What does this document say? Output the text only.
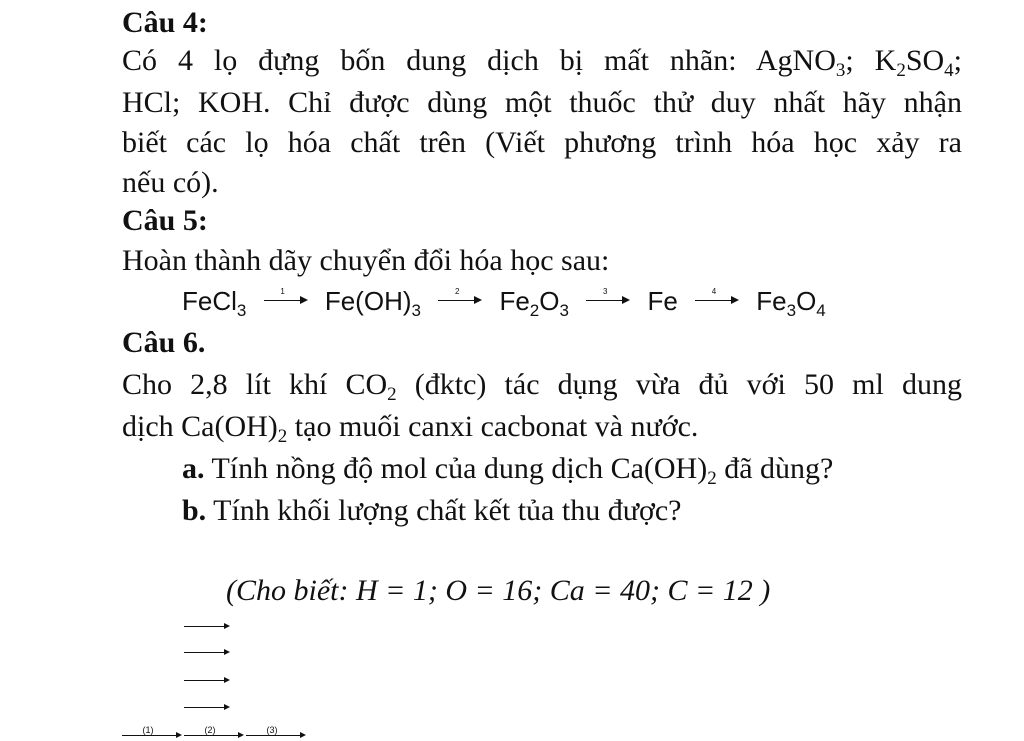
Câu 4:
Có 4 lọ đựng bốn dung dịch bị mất nhãn: AgNO$_3$; $K_2SO_4$;
HCl; KOH. Chỉ được dùng một thuốc thử duy nhất hãy nhận
biết các lọ hóa chất trên (Viết phương trình hóa học xảy ra
nếu có).
Câu 5:
Hoàn thành dãy chuyển đổi hóa học sau:
FeCl$_3$
1	$Fe(OH)_3$
2	$Fe_2O_3$
3	Fe	4	$Fe_3O_4$
Câu 6.
Cho 2,8 lít khí $CO_2$ (đktc) tác dụng vừa đủ với 50 ml dung
dịch $Ca(OH)_2$ tạo muối canxi cacbonat và nước.
a. Tính nồng độ mol của dung dịch $Ca(OH)_2$ đã dùng?
b. Tính khối lượng chất kết tủa thu được?
(Cho biết: H = 1; O = 16; Ca = 40; C = 12 )
(1)	(2)	(3)
